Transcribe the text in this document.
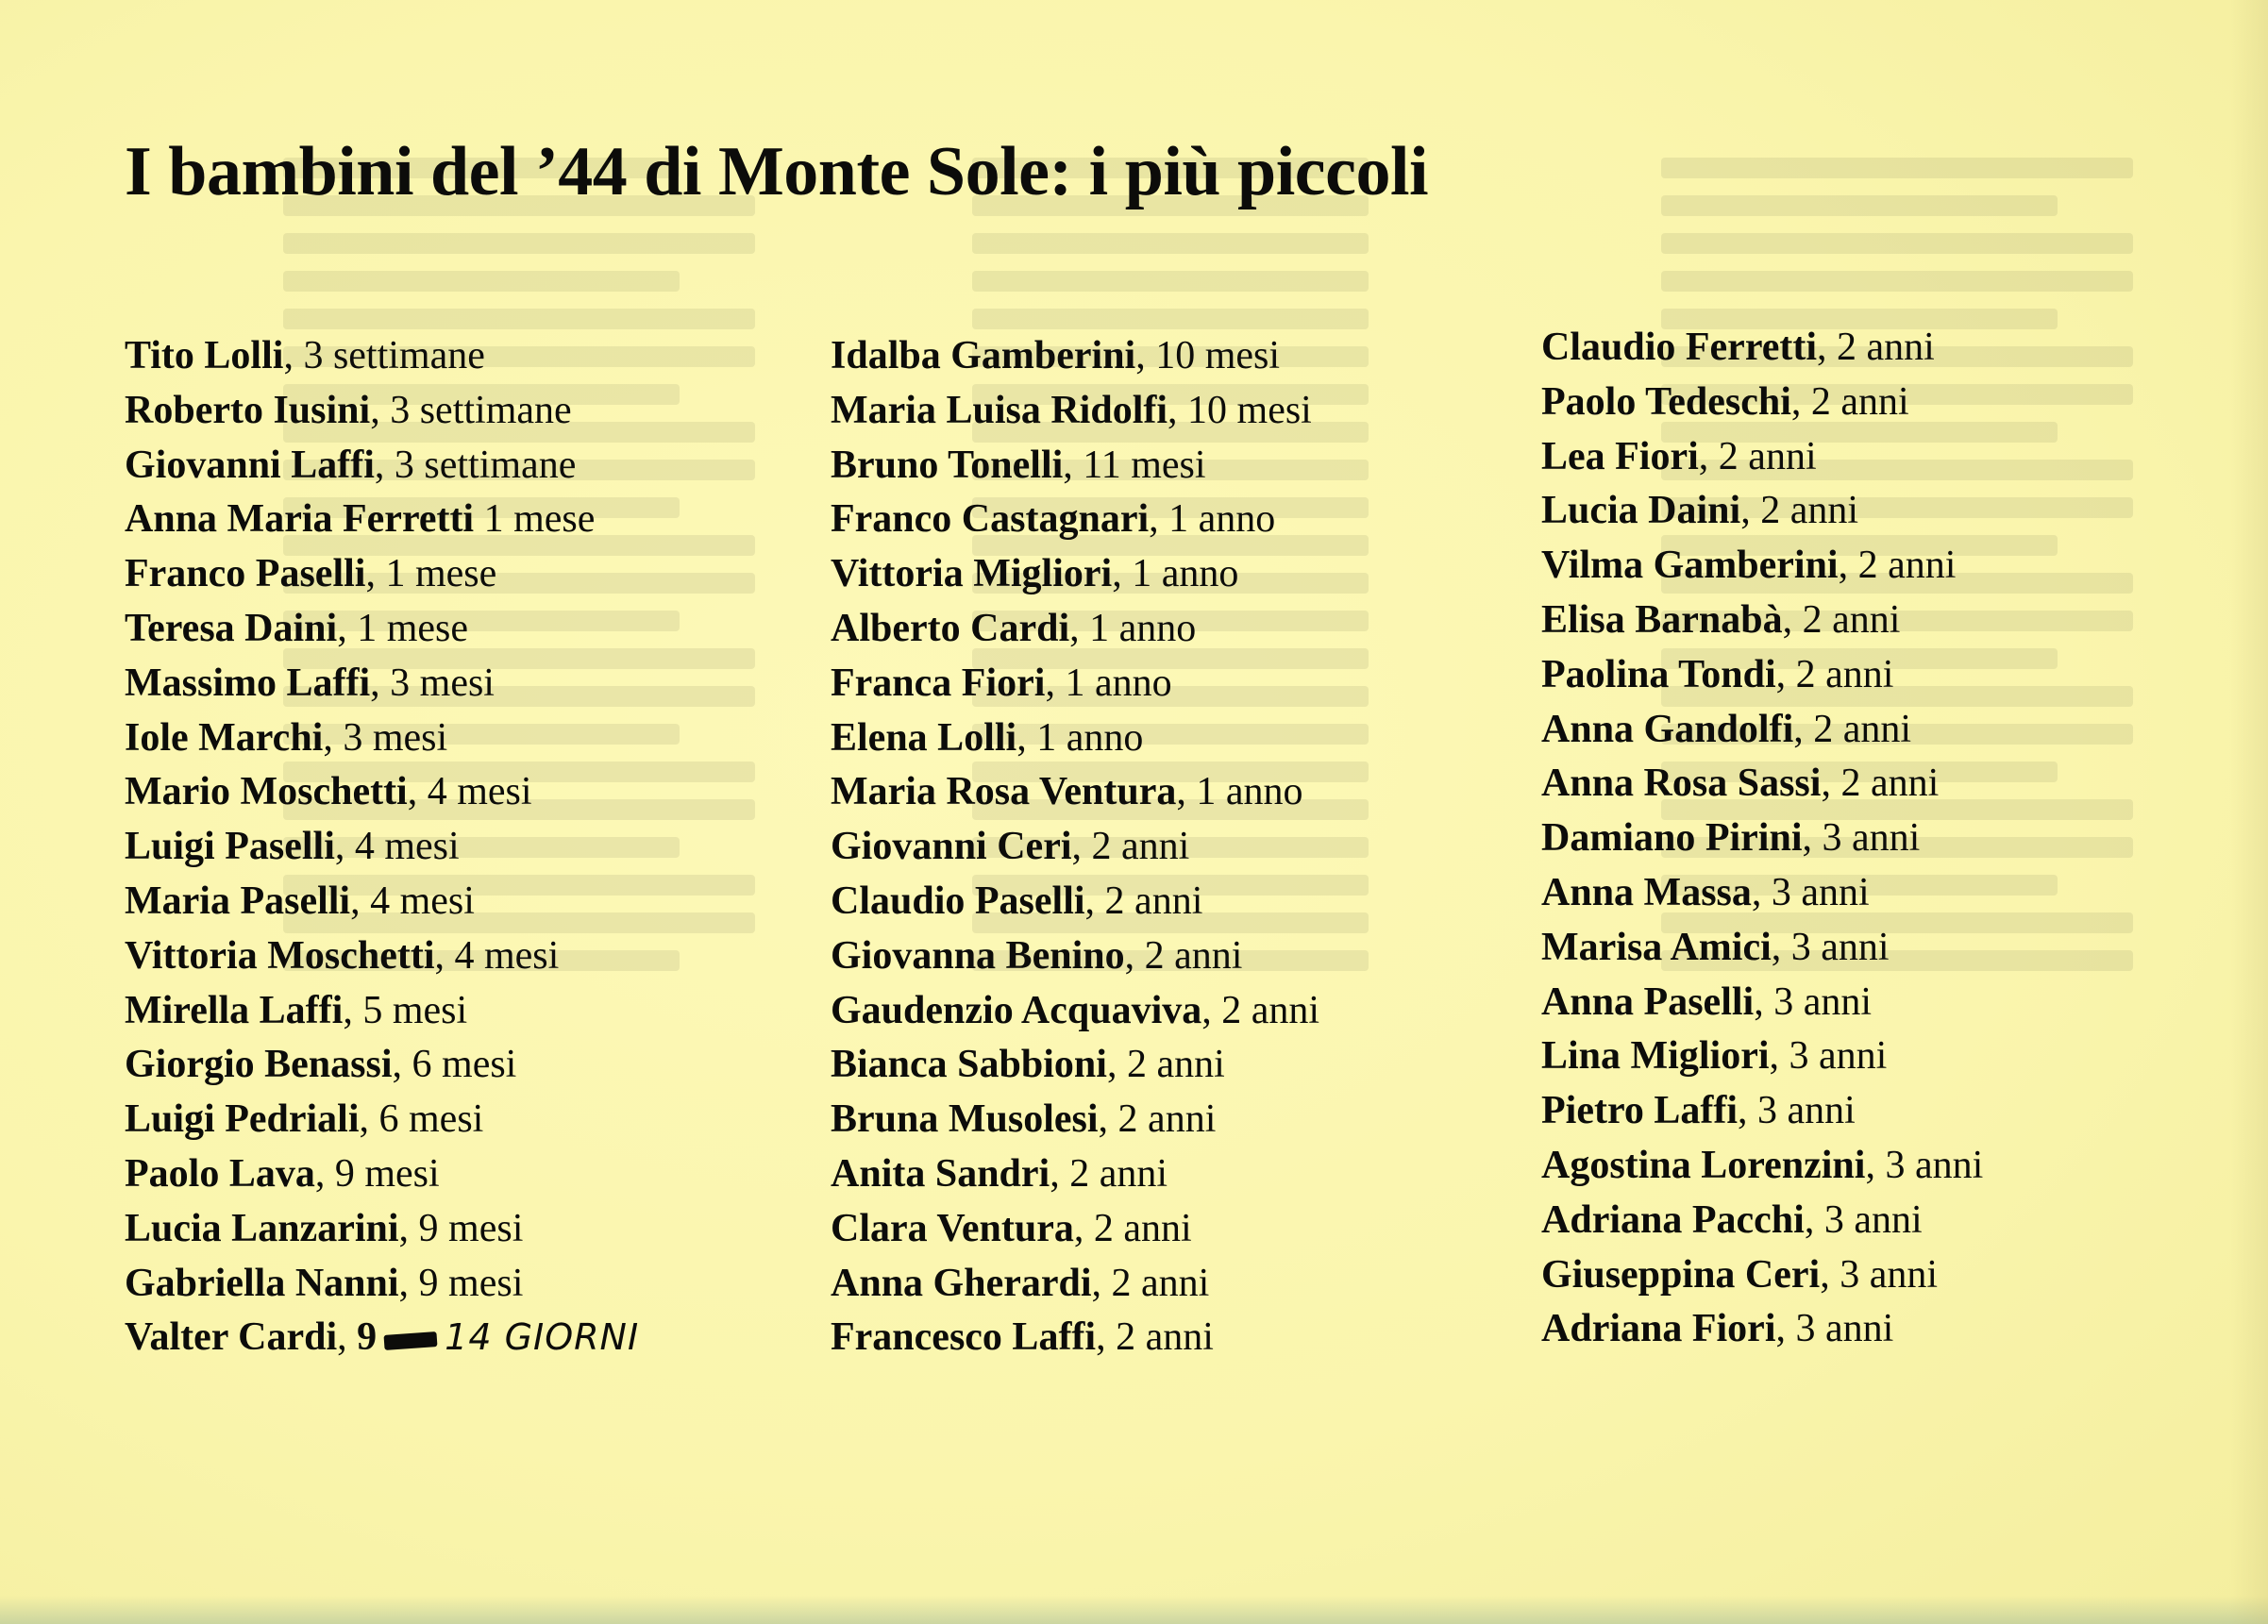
I bambini del ’44 di Monte Sole: i più piccoli
Tito Lolli, 3 settimane
Roberto Iusini, 3 settimane
Giovanni Laffi, 3 settimane
Anna Maria Ferretti 1 mese
Franco Paselli, 1 mese
Teresa Daini, 1 mese
Massimo Laffi, 3 mesi
Iole Marchi, 3 mesi
Mario Moschetti, 4 mesi
Luigi Paselli, 4 mesi
Maria Paselli, 4 mesi
Vittoria Moschetti, 4 mesi
Mirella Laffi, 5 mesi
Giorgio Benassi, 6 mesi
Luigi Pedriali, 6 mesi
Paolo Lava, 9 mesi
Lucia Lanzarini, 9 mesi
Gabriella Nanni, 9 mesi
Valter Cardi, 9 14 GIORNI
Idalba Gamberini, 10 mesi
Maria Luisa Ridolfi, 10 mesi
Bruno Tonelli, 11 mesi
Franco Castagnari, 1 anno
Vittoria Migliori, 1 anno
Alberto Cardi, 1 anno
Franca Fiori, 1 anno
Elena Lolli, 1 anno
Maria Rosa Ventura, 1 anno
Giovanni Ceri, 2 anni
Claudio Paselli, 2 anni
Giovanna Benino, 2 anni
Gaudenzio Acquaviva, 2 anni
Bianca Sabbioni, 2 anni
Bruna Musolesi, 2 anni
Anita Sandri, 2 anni
Clara Ventura, 2 anni
Anna Gherardi, 2 anni
Francesco Laffi, 2 anni
Claudio Ferretti, 2 anni
Paolo Tedeschi, 2 anni
Lea Fiori, 2 anni
Lucia Daini, 2 anni
Vilma Gamberini, 2 anni
Elisa Barnabà, 2 anni
Paolina Tondi, 2 anni
Anna Gandolfi, 2 anni
Anna Rosa Sassi, 2 anni
Damiano Pirini, 3 anni
Anna Massa, 3 anni
Marisa Amici, 3 anni
Anna Paselli, 3 anni
Lina Migliori, 3 anni
Pietro Laffi, 3 anni
Agostina Lorenzini, 3 anni
Adriana Pacchi, 3 anni
Giuseppina Ceri, 3 anni
Adriana Fiori, 3 anni
